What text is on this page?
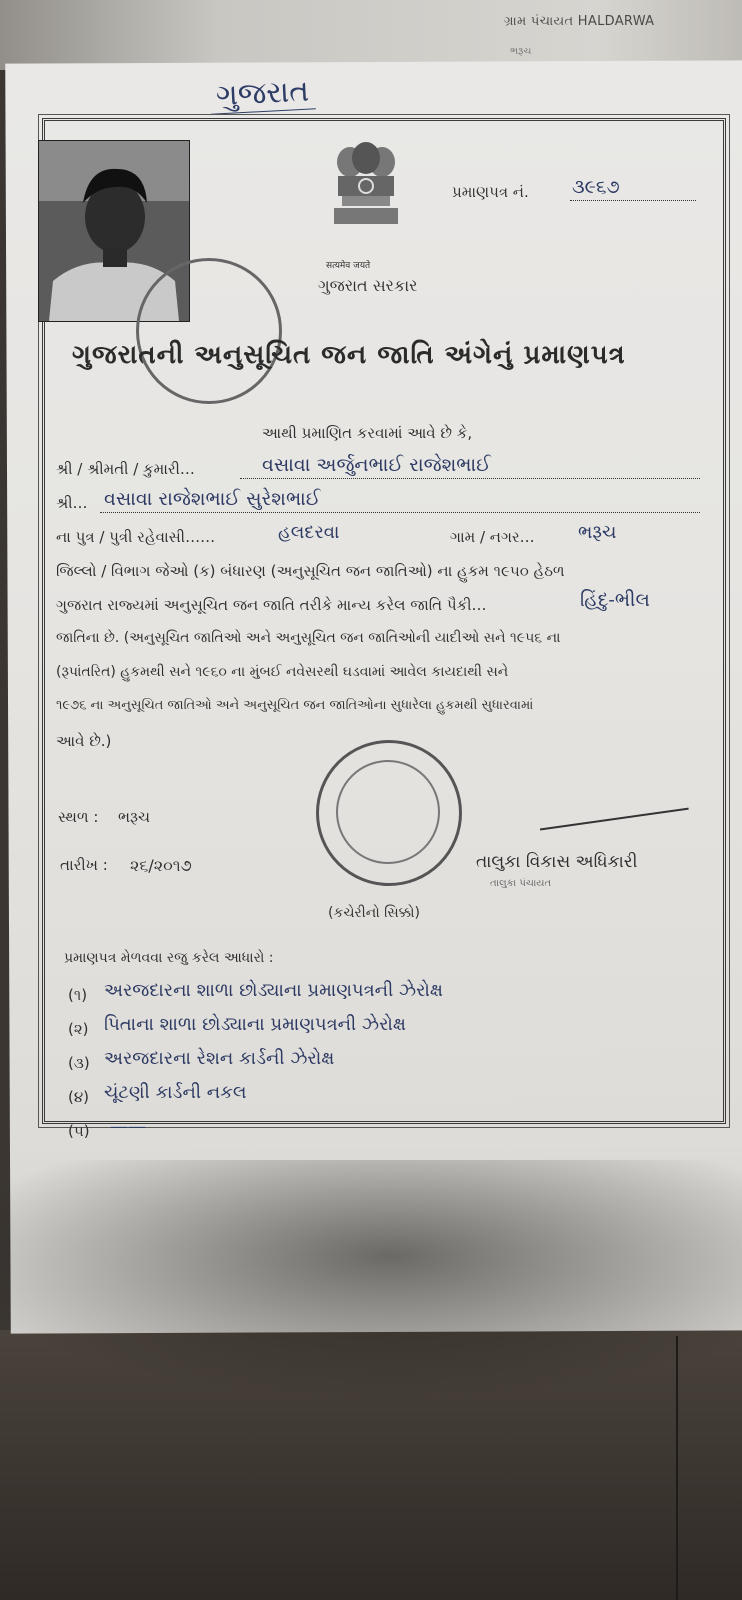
ગ્રામ પંચાયત HALDARWA
ભરૂચ
ગુજરાત
सत्यमेव जयते
ગુજરાત સરકાર
પ્રમાણપત્ર નં. ૩૯૬૭
ગુજરાતની અનુસૂચિત જન જાતિ અંગેનું પ્રમાણપત્ર
આથી પ્રમાણિત કરવામાં આવે છે કે,
શ્રી / શ્રીમતી / કુમારી…	વસાવા અર્જુનભાઈ રાજેશભાઈ
શ્રી… વસાવા રાજેશભાઈ સુરેશભાઈ
ના પુત્ર / પુત્રી રહેવાસી……	હલદરવા	ગામ / નગર… ભરૂચ
જિલ્લો / વિભાગ જેઓ (ક) બંધારણ (અનુસૂચિત જન જાતિઓ) ના હુકમ ૧૯૫૦ હેઠળ
ગુજરાત રાજ્યમાં અનુસૂચિત જન જાતિ તરીકે માન્ય કરેલ જાતિ પૈકી…	હિંદુ-ભીલ
જાતિના છે. (અનુસૂચિત જાતિઓ અને અનુસૂચિત જન જાતિઓની યાદીઓ સને ૧૯૫૬ ના
(રૂપાંતરિત) હુકમથી સને ૧૯૬૦ ના મુંબઈ નવેસરથી ઘડવામાં આવેલ કાયદાથી સને
૧૯૭૬ ના અનુસૂચિત જાતિઓ અને અનુસૂચિત જન જાતિઓના સુધારેલા હુકમથી સુધારવામાં
આવે છે.)
સ્થળ : ભરૂચ
તારીખ : ૨૬/૨૦૧૭	તાલુકા વિકાસ અધિકારી
તાલુકા પંચાયત
(કચેરીનો સિક્કો)
પ્રમાણપત્ર મેળવવા રજુ કરેલ આધારો :
(૧) અરજદારના શાળા છોડ્યાના પ્રમાણપત્રની ઝેરોક્ષ
(૨) પિતાના શાળા છોડ્યાના પ્રમાણપત્રની ઝેરોક્ષ
(૩) અરજદારના રેશન કાર્ડની ઝેરોક્ષ
(૪) ચૂંટણી કાર્ડની નકલ
(૫) ——
